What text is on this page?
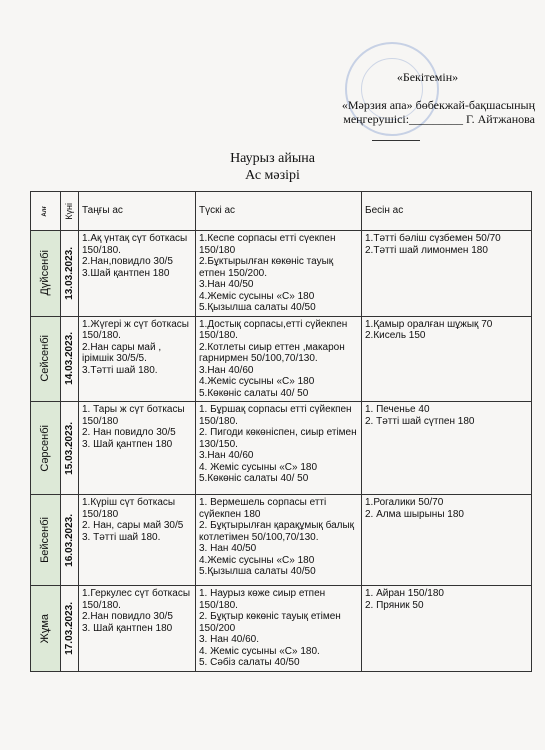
«Бекітемін»
«Мәрзия апа» бөбекжай-бақшасының
меңгерушісі:_________ Г. Айтжанова
Наурыз айына
Ас мәзірі
Алғ	Күні	Таңғы ас	Түскі ас	Бесін ас

Дүйсенбі	13.03.2023.	1.Ақ үнтақ сүт боткасы 150/180.
2.Нан,повидло 30/5
3.Шай қантпен 180	1.Кеспе сорпасы етті сүекпен 150/180
2.Бұктырылған көкөніс тауық етпен 150/200.
3.Нан 40/50
4.Жеміс сусыны «С» 180
5.Қызылша салаты 40/50	1.Тәтті бәліш сүзбемен 50/70
2.Тәтті шай лимонмен 180

Сейсенбі	14.03.2023.	1.Жүгері ж сүт боткасы 150/180.
2.Нан сары май , ірімшік 30/5/5.
3.Тәтті шай 180.	1.Достық сорпасы,етті сүйекпен 150/180.
2.Котлеты сиыр еттен ,макарон гарнирмен 50/100,70/130.
3.Нан 40/60
4.Жеміс сусыны «С» 180
5.Көкөніс салаты 40/ 50	1.Қамыр оралған шұжық 70
2.Кисель 150

Сәрсенбі	15.03.2023.	1. Тары ж сүт боткасы 150/180
2. Нан повидло 30/5
3. Шай қантпен 180	1. Бұршақ сорпасы етті сүйекпен 150/180.
2. Пигоди көкөніспен, сиыр етімен 130/150.
3.Нан 40/60
4. Жеміс сусыны «С» 180
5.Көкөніс салаты 40/ 50	1. Печенье 40
2. Тәтті шай сүтпен 180

Бейсенбі	16.03.2023.	1.Күріш сүт боткасы 150/180
2. Нан, сары май 30/5
3. Тәтті шай 180.	1. Вермешель сорпасы етті сүйекпен 180
2. Бұқтырылған қарақұмық балық котлетімен 50/100,70/130.
3. Нан 40/50
4.Жеміс сусыны «С» 180
5.Қызылша салаты 40/50	1.Рогалики 50/70
2. Алма шырыны 180

Жұма	17.03.2023.	1.Геркулес сүт боткасы 150/180.
2.Нан повидло 30/5
3. Шай қантпен 180	1. Наурыз көже сиыр етпен 150/180.
2. Бұқтыр көкөніс тауық етімен 150/200
3. Нан 40/60.
4. Жеміс сусыны «С» 180.
5. Сәбіз салаты 40/50	1. Айран 150/180
2. Пряник 50
